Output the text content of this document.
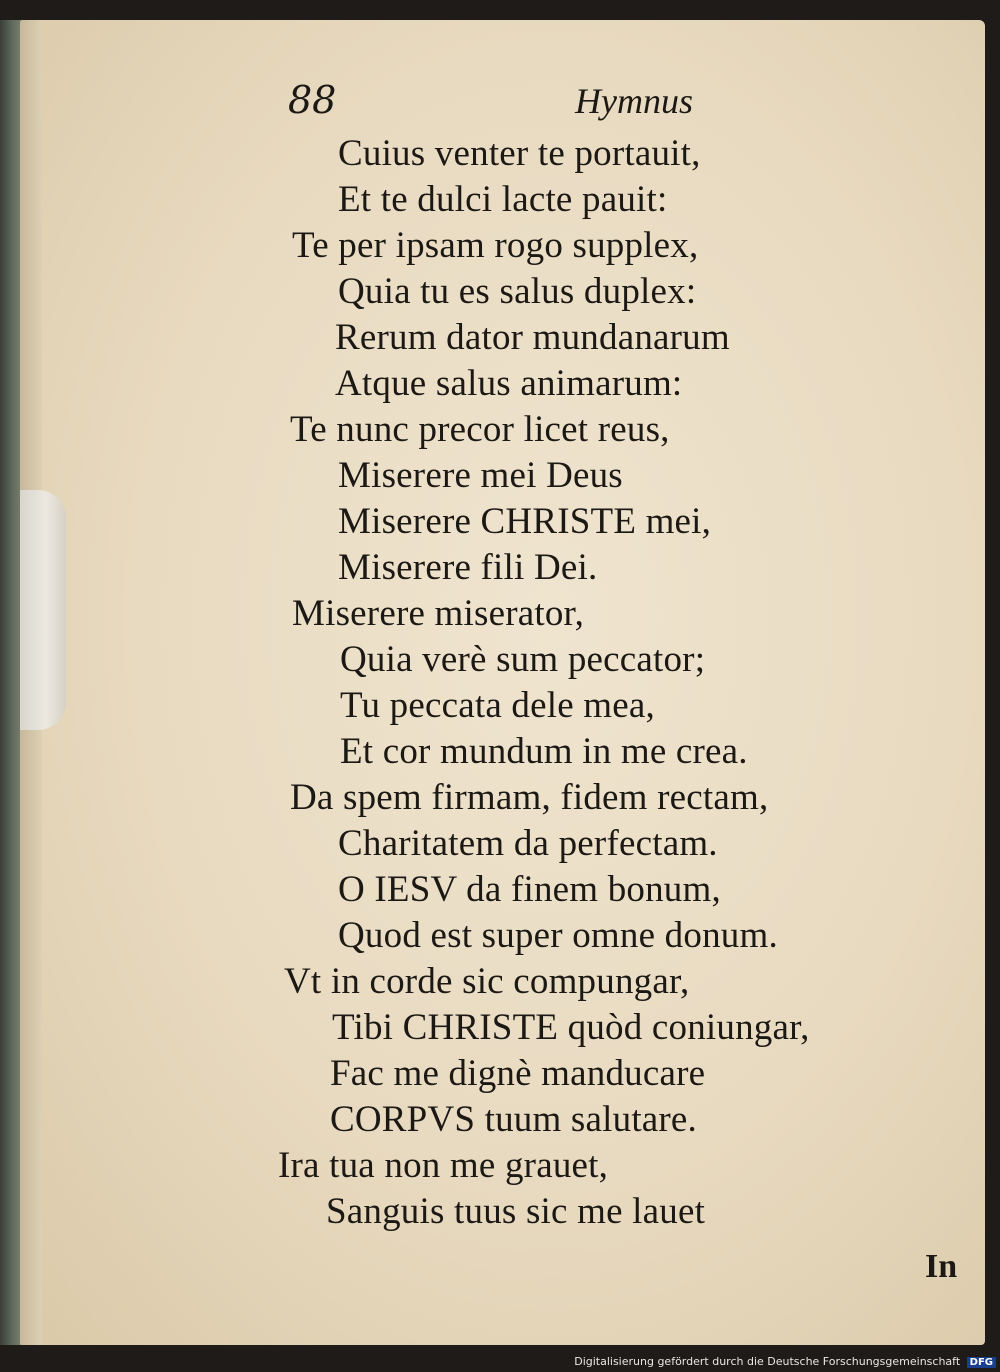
88	Hymnus
Cuius venter te portauit,
Et te dulci lacte pauit:
Te per ipsam rogo supplex,
Quia tu es salus duplex:
Rerum dator mundanarum
Atque salus animarum:
Te nunc precor licet reus,
Miserere mei Deus
Miserere CHRISTE mei,
Miserere fili Dei.
Miserere miserator,
Quia verè sum peccator;
Tu peccata dele mea,
Et cor mundum in me crea.
Da spem firmam, fidem rectam,
Charitatem da perfectam.
O IESV da finem bonum,
Quod est super omne donum.
Vt in corde sic compungar,
Tibi CHRISTE quòd coniungar,
Fac me dignè manducare
CORPVS tuum salutare.
Ira tua non me grauet,
Sanguis tuus sic me lauet
In
Digitalisierung gefördert durch die Deutsche Forschungsgemeinschaft DFG
